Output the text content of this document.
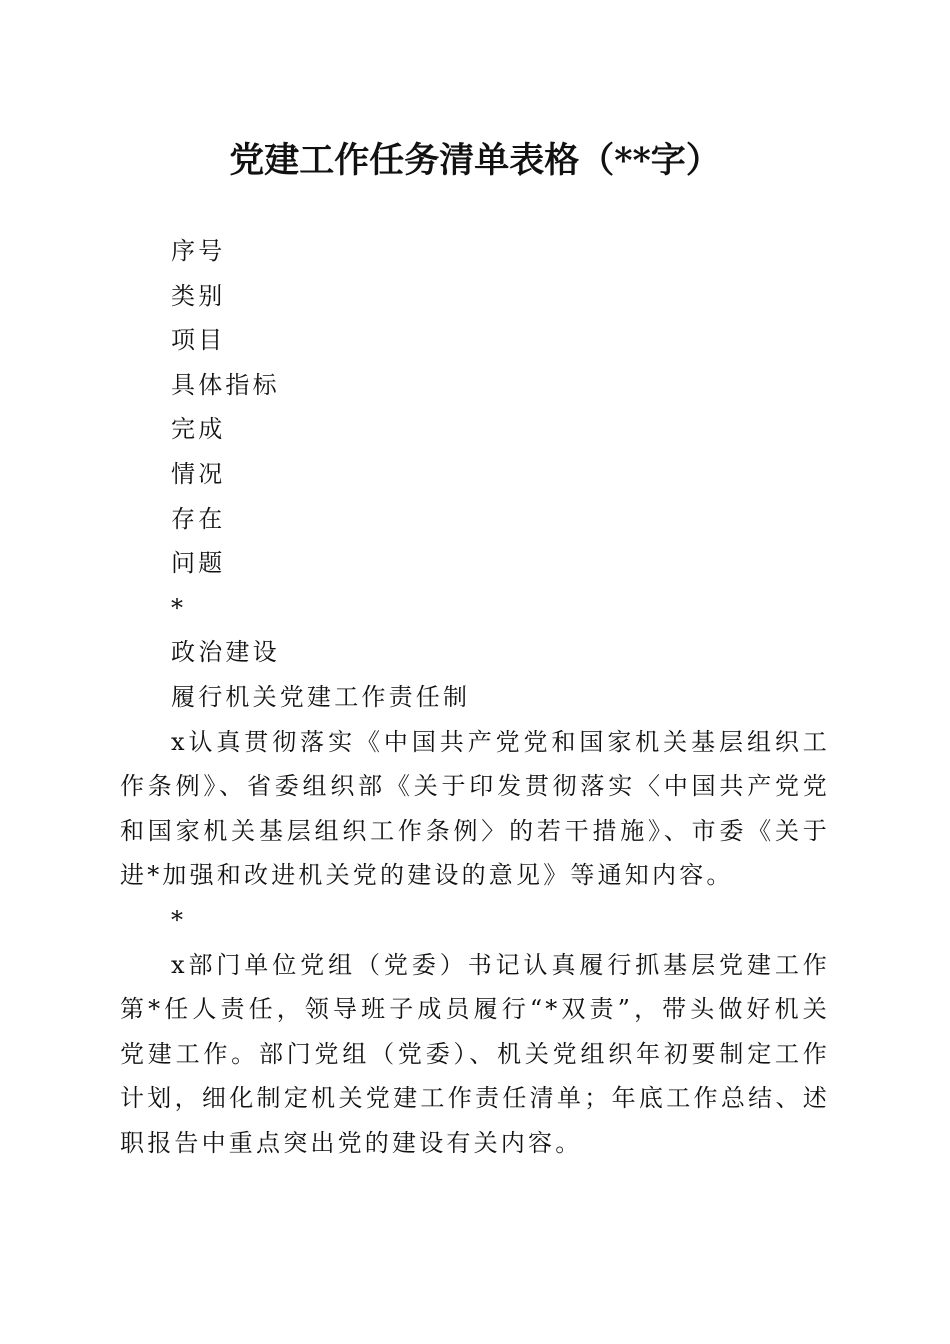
党建工作任务清单表格（**字）

序号

类别

项目

具体指标

完成

情况

存在

问题

*

政治建设

履行机关党建工作责任制

x认真贯彻落实《中国共产党党和国家机关基层组织工作条例》、省委组织部《关于印发贯彻落实〈中国共产党党和国家机关基层组织工作条例〉的若干措施》、市委《关于进*加强和改进机关党的建设的意见》等通知内容。

*

x部门单位党组（党委）书记认真履行抓基层党建工作第*任人责任，领导班子成员履行“*双责”，带头做好机关党建工作。部门党组（党委）、机关党组织年初要制定工作计划，细化制定机关党建工作责任清单；年底工作总结、述职报告中重点突出党的建设有关内容。
